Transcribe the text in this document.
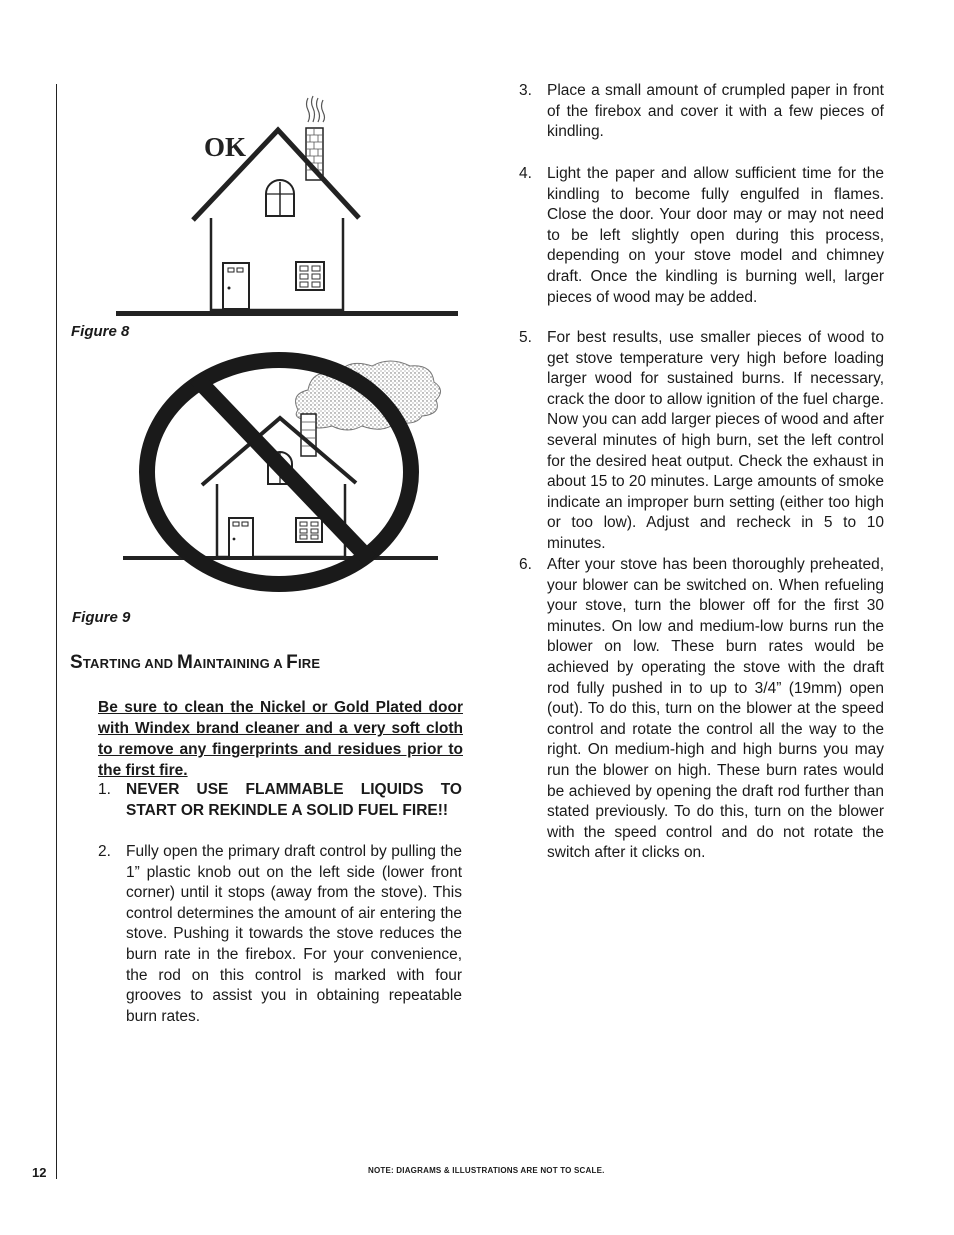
OK
Figure 8
Figure 9
STARTING AND MAINTAINING A FIRE
Be sure to clean the Nickel or Gold Plated door with Windex brand cleaner and a very soft cloth to remove any fingerprints and residues prior to the first fire.
1. NEVER USE FLAMMABLE LIQUIDS TO START OR REKINDLE A SOLID FUEL FIRE!!
2. Fully open the primary draft control by pulling the 1” plastic knob out on the left side (lower front corner) until it stops (away from the stove). This control determines the amount of air entering the stove. Pushing it towards the stove reduces the burn rate in the firebox. For your convenience, the rod on this control is marked with four grooves to assist you in obtaining repeatable burn rates.
3. Place a small amount of crumpled paper in front of the firebox and cover it with a few pieces of kindling.
4. Light the paper and allow sufficient time for the kindling to become fully engulfed in flames. Close the door. Your door may or may not need to be left slightly open during this process, depending on your stove model and chimney draft. Once the kindling is burning well, larger pieces of wood may be added.
5. For best results, use smaller pieces of wood to get stove temperature very high before loading larger wood for sustained burns. If necessary, crack the door to allow ignition of the fuel charge. Now you can add larger pieces of wood and after several minutes of high burn, set the left control for the desired heat output. Check the exhaust in about 15 to 20 minutes. Large amounts of smoke indicate an improper burn setting (either too high or too low). Adjust and recheck in 5 to 10 minutes.
6. After your stove has been thoroughly preheated, your blower can be switched on. When refueling your stove, turn the blower off for the first 30 minutes. On low and medium-low burns run the blower on low. These burn rates would be achieved by operating the stove with the draft rod fully pushed in to up to 3/4” (19mm) open (out). To do this, turn on the blower at the speed control and rotate the control all the way to the right. On medium-high and high burns you may run the blower on high. These burn rates would be achieved by opening the draft rod further than stated previously. To do this, turn on the blower with the speed control and do not rotate the switch after it clicks on.
12	NOTE: DIAGRAMS & ILLUSTRATIONS ARE NOT TO SCALE.
